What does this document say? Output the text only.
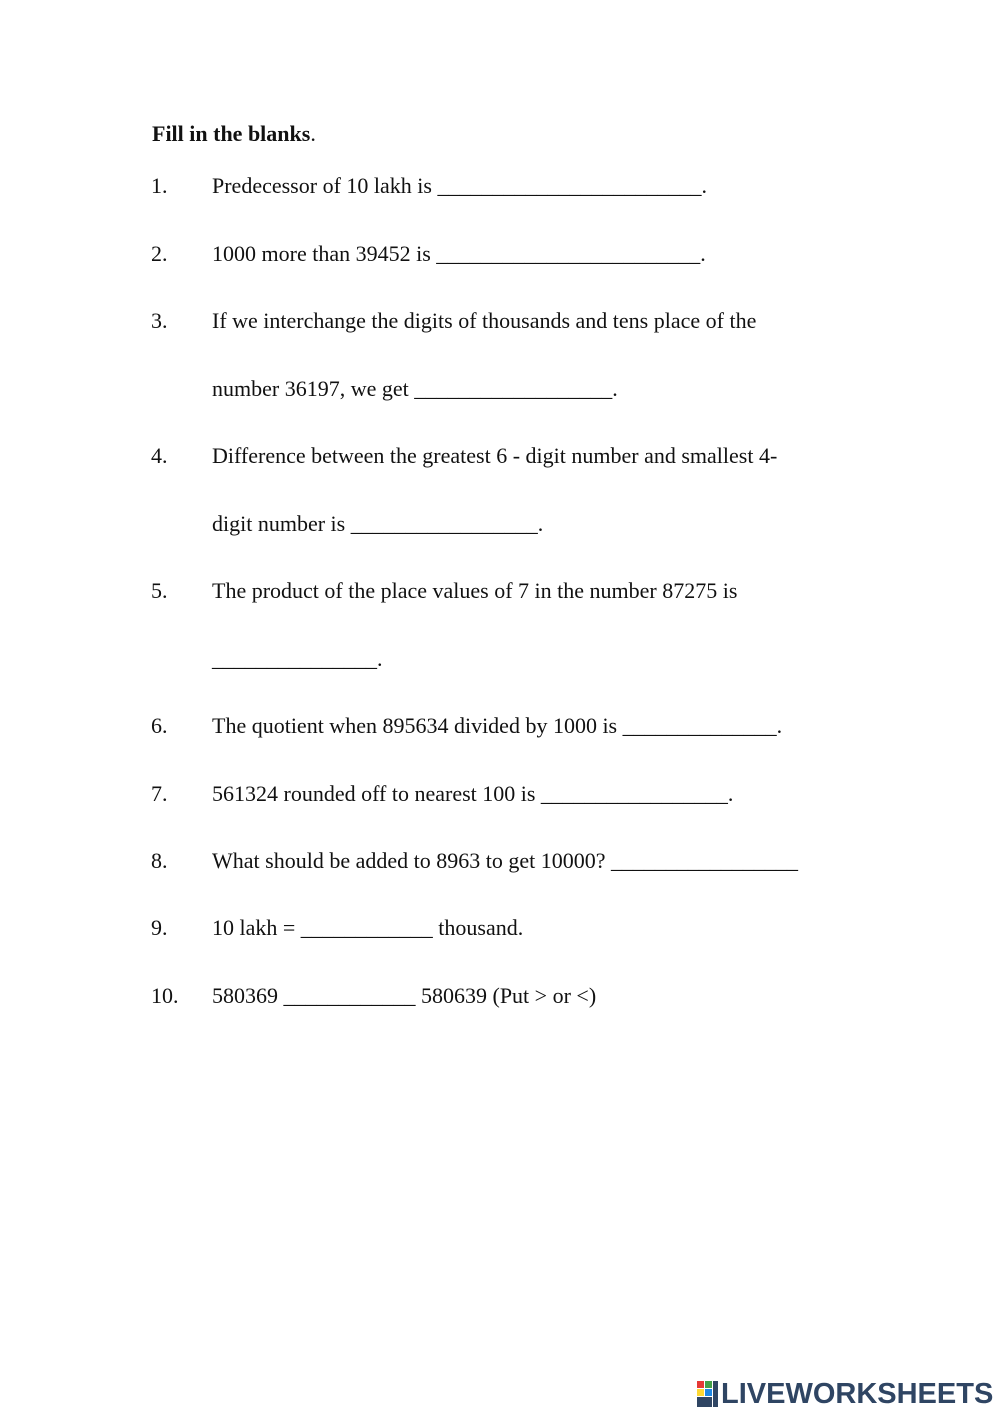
Fill in the blanks.
1. Predecessor of 10 lakh is ________________________.
2. 1000 more than 39452 is ________________________.
3. If we interchange the digits of thousands and tens place of the
number 36197, we get __________________.
4. Difference between the greatest 6 - digit number and smallest 4-
digit number is _________________.
5. The product of the place values of 7 in the number 87275 is
_______________.
6. The quotient when 895634 divided by 1000 is ______________.
7. 561324 rounded off to nearest 100 is _________________.
8. What should be added to 8963 to get 10000? _________________
9. 10 lakh = ____________ thousand.
10. 580369 ____________ 580639 (Put > or <)
LIVEWORKSHEETS
